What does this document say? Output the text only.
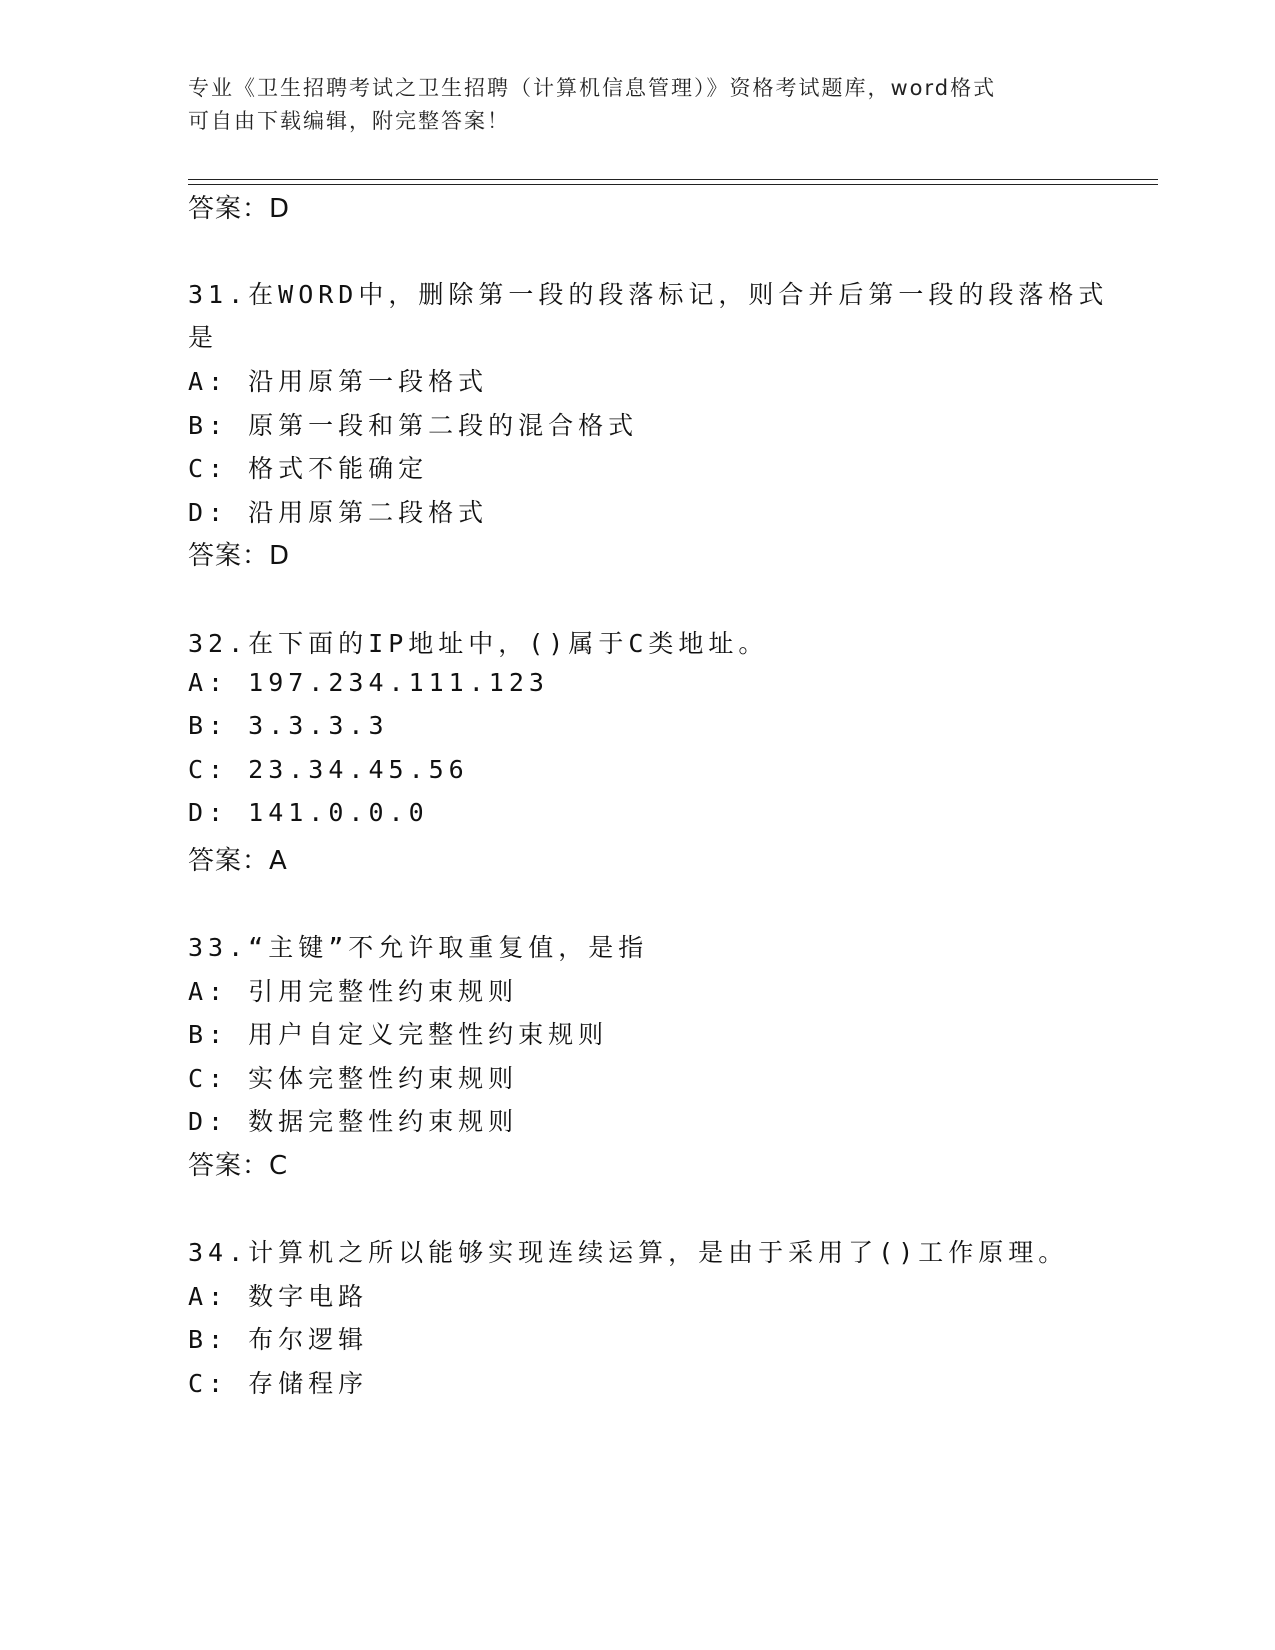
专业《卫生招聘考试之卫生招聘（计算机信息管理）》资格考试题库，word格式
可自由下载编辑，附完整答案！
答案：D
31.在WORD中，删除第一段的段落标记，则合并后第一段的段落格式
是
A: 沿用原第一段格式
B: 原第一段和第二段的混合格式
C: 格式不能确定
D: 沿用原第二段格式
答案：D
32.在下面的IP地址中，()属于C类地址。
A: 197.234.111.123
B: 3.3.3.3
C: 23.34.45.56
D: 141.0.0.0
答案：A
33.“主键”不允许取重复值，是指
A: 引用完整性约束规则
B: 用户自定义完整性约束规则
C: 实体完整性约束规则
D: 数据完整性约束规则
答案：C
34.计算机之所以能够实现连续运算，是由于采用了()工作原理。
A: 数字电路
B: 布尔逻辑
C: 存储程序
